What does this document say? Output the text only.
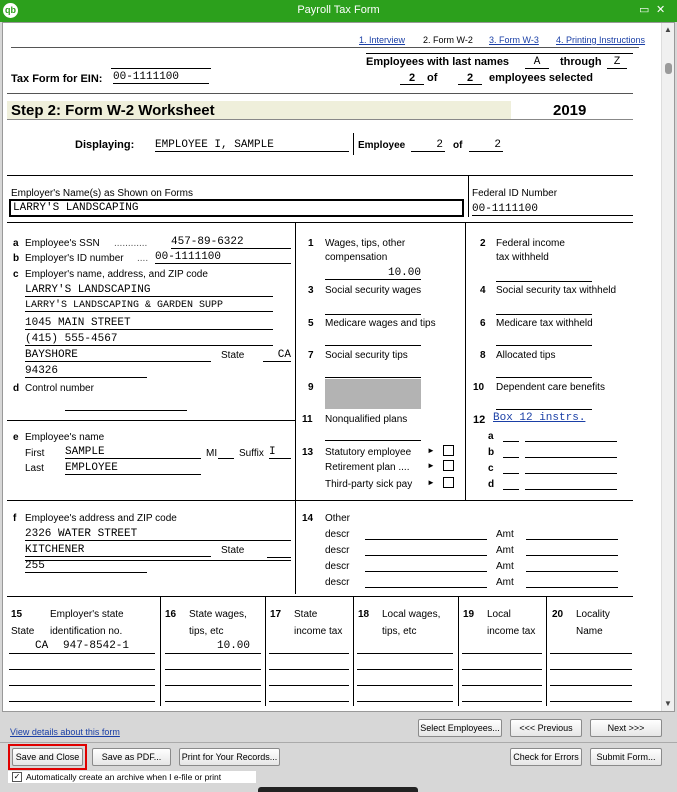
qb	Payroll Tax Form	▭ ✕
1. Interview 2. Form W-2 3. Form W-3 4. Printing Instructions
Tax Form for EIN: 00-1111100
Employees with last names	A	through	Z
2	of	2	employees selected
Step 2: Form W-2 Worksheet	2019
Displaying: EMPLOYEE I, SAMPLE	Employee	2 of	2
Employer's Name(s) as Shown on Forms
LARRY'S LANDSCAPING
Federal ID Number
00-1111100
a Employee's SSN ............ 457-89-6322
b Employer's ID number .... 00-1111100
c Employer's name, address, and ZIP code
LARRY'S LANDSCAPING
LARRY'S LANDSCAPING & GARDEN SUPP
1045 MAIN STREET
(415) 555-4567
BAYSHORE	State	CA
94326
d Control number
e Employee's name
First SAMPLE	MI Suffix I
Last EMPLOYEE
1 Wages, tips, other
compensation
10.00
3 Social security wages
5 Medicare wages and tips
7 Social security tips
9
11 Nonqualified plans
13 Statutory employee ►
Retirement plan .... ►
Third-party sick pay ►
2 Federal income
tax withheld
4 Social security tax withheld
6 Medicare tax withheld
8 Allocated tips
10 Dependent care benefits
12 Box 12 instrs.
a
b
c
d
f Employee's address and ZIP code
2326 WATER STREET
KITCHENER	State
255
14 Other
descr	Amt
descr	Amt
descr	Amt
descr	Amt
15	Employer's state
State identification no.
CA 947-8542-1
16 State wages,
tips, etc
10.00
17 State
income tax
18 Local wages,
tips, etc
19 Local
income tax
20 Locality
Name
▲
▼
View details about this form	Select Employees...	<<< Previous	Next >>>
Save and Close	Save as PDF...	Print for Your Records...	Check for Errors	Submit Form...
✓ Automatically create an archive when I e-file or print
